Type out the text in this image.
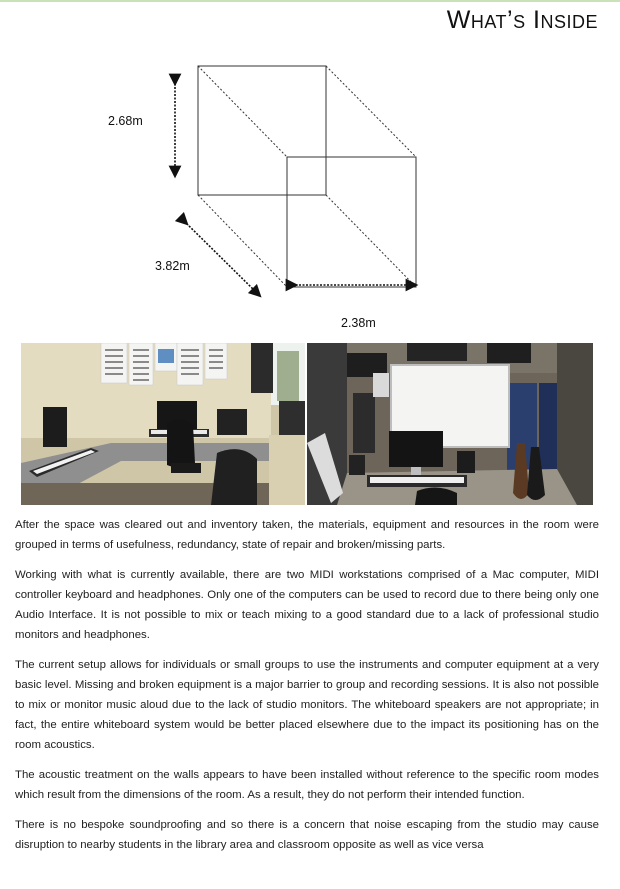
What’s Inside
2.68m
3.82m
2.38m

After the space was cleared out and inventory taken, the materials, equipment and resources in the room were grouped in terms of usefulness, redundancy, state of repair and broken/missing parts.

Working with what is currently available, there are two MIDI workstations comprised of a Mac computer, MIDI controller keyboard and headphones. Only one of the computers can be used to record due to there being only one Audio Interface. It is not possible to mix or teach mixing to a good standard due to a lack of professional studio monitors and headphones.

The current setup allows for individuals or small groups to use the instruments and computer equipment at a very basic level. Missing and broken equipment is a major barrier to group and recording sessions. It is also not possible to mix or monitor music aloud due to the lack of studio monitors. The whiteboard speakers are not appropriate; in fact, the entire whiteboard system would be better placed elsewhere due to the impact its positioning has on the room acoustics.

The acoustic treatment on the walls appears to have been installed without reference to the specific room modes which result from the dimensions of the room. As a result, they do not perform their intended function.

There is no bespoke soundproofing and so there is a concern that noise escaping from the studio may cause disruption to nearby students in the library area and classroom opposite as well as vice versa
